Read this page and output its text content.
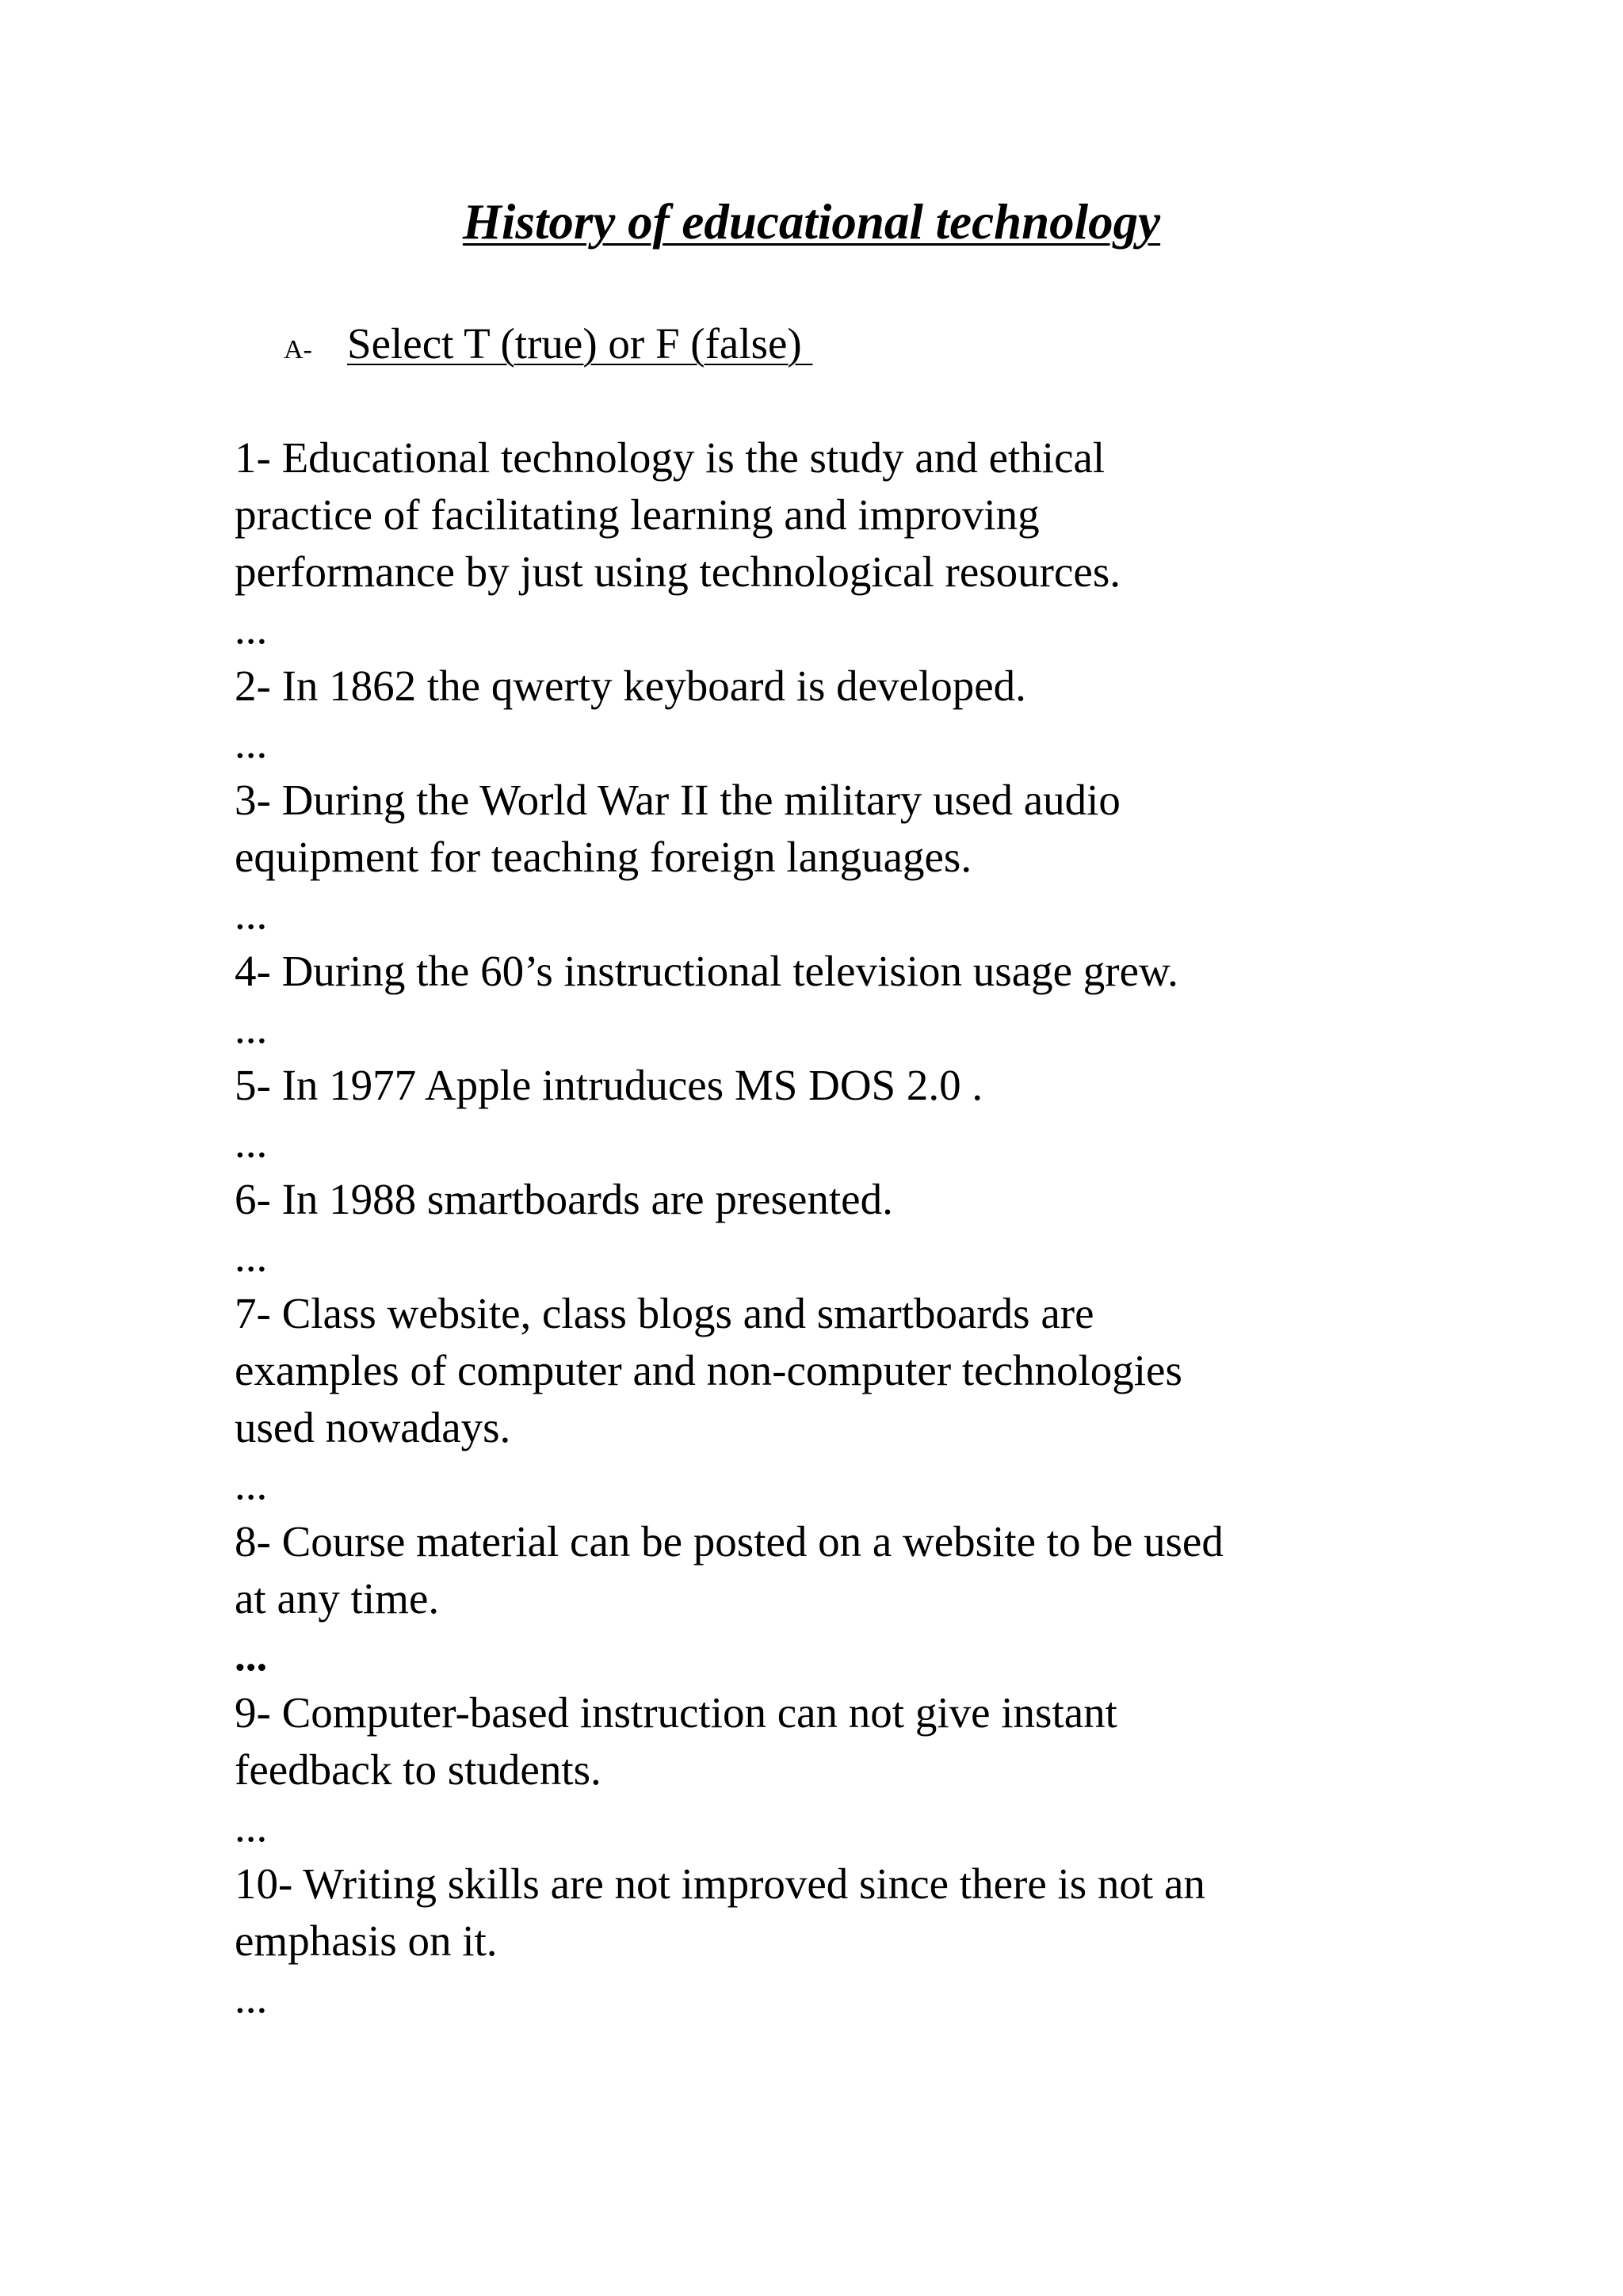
History of educational technology
A- Select T (true) or F (false)
1- Educational technology is the study and ethical
practice of facilitating learning and improving
performance by just using technological resources.
...
2- In 1862 the qwerty keyboard is developed.
...
3- During the World War II the military used audio
equipment for teaching foreign languages.
...
4- During the 60’s instructional television usage grew.
...
5- In 1977 Apple intruduces MS DOS 2.0 .
...
6- In 1988 smartboards are presented.
...
7- Class website, class blogs and smartboards are
examples of computer and non-computer technologies
used nowadays.
...
8- Course material can be posted on a website to be used
at any time.
...
9- Computer-based instruction can not give instant
feedback to students.
...
10- Writing skills are not improved since there is not an
emphasis on it.
...
